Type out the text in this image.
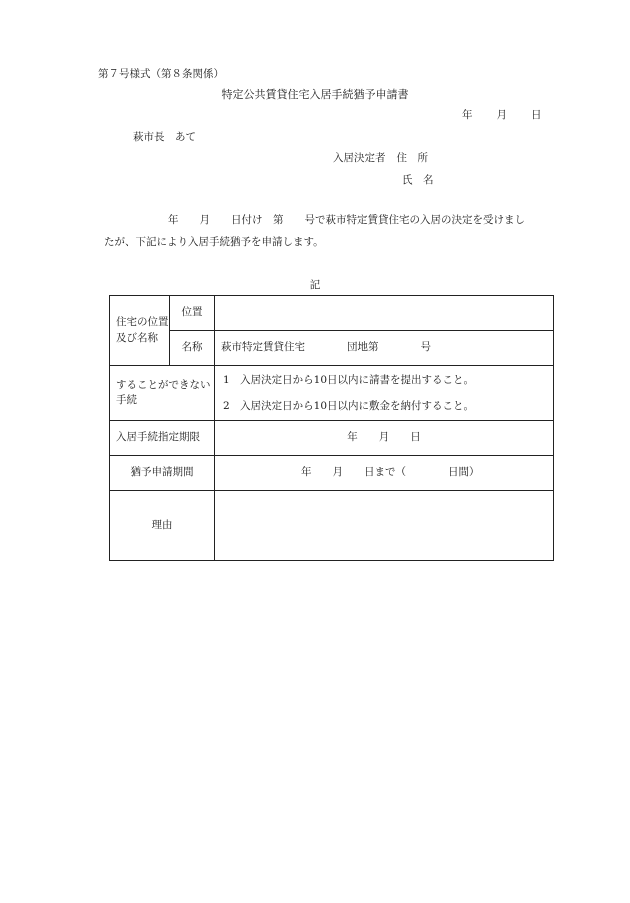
第７号様式（第８条関係）
特定公共賃貸住宅入居手続猶予申請書
年 月 日
萩市長　あて
入居決定者 住　所
氏　名
年　　月　　日付け　第　　号で萩市特定賃貸住宅の入居の決定を受けまし
たが、下記により入居手続猶予を申請します。
記
住宅の位置及び名称	位置	
	名称	萩市特定賃貸住宅　　　　団地第　　　　号

することができない手続		1　入居決定日から10日以内に請書を提出すること。
2　入居決定日から10日以内に敷金を納付すること。

入居手続指定期限		年　　月　　日
猶予申請期間		年　　月　　日まで（　　　　日間）
理由		
